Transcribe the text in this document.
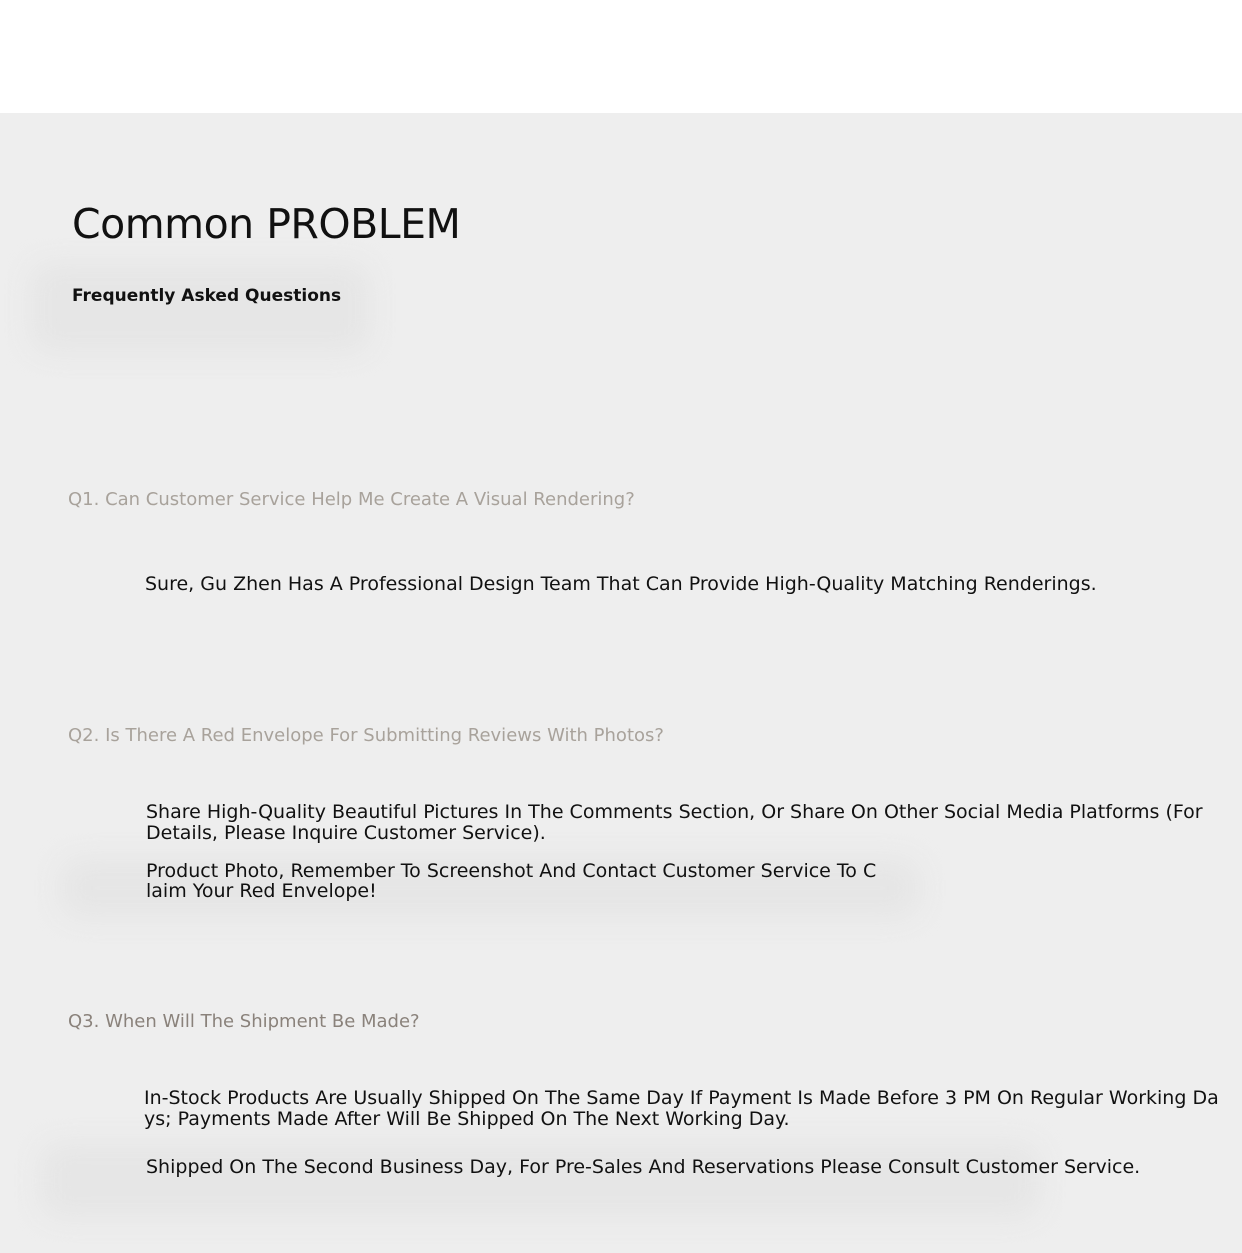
Common PROBLEM
Frequently Asked Questions
Q1. Can Customer Service Help Me Create A Visual Rendering?
Sure, Gu Zhen Has A Professional Design Team That Can Provide High-Quality Matching Renderings.
Q2. Is There A Red Envelope For Submitting Reviews With Photos?
Share High-Quality Beautiful Pictures In The Comments Section, Or Share On Other Social Media Platforms (For Details, Please Inquire Customer Service).
Product Photo, Remember To Screenshot And Contact Customer Service To Claim Your Red Envelope!
Q3. When Will The Shipment Be Made?
In-Stock Products Are Usually Shipped On The Same Day If Payment Is Made Before 3 PM On Regular Working Days; Payments Made After Will Be Shipped On The Next Working Day.
Shipped On The Second Business Day, For Pre-Sales And Reservations Please Consult Customer Service.
